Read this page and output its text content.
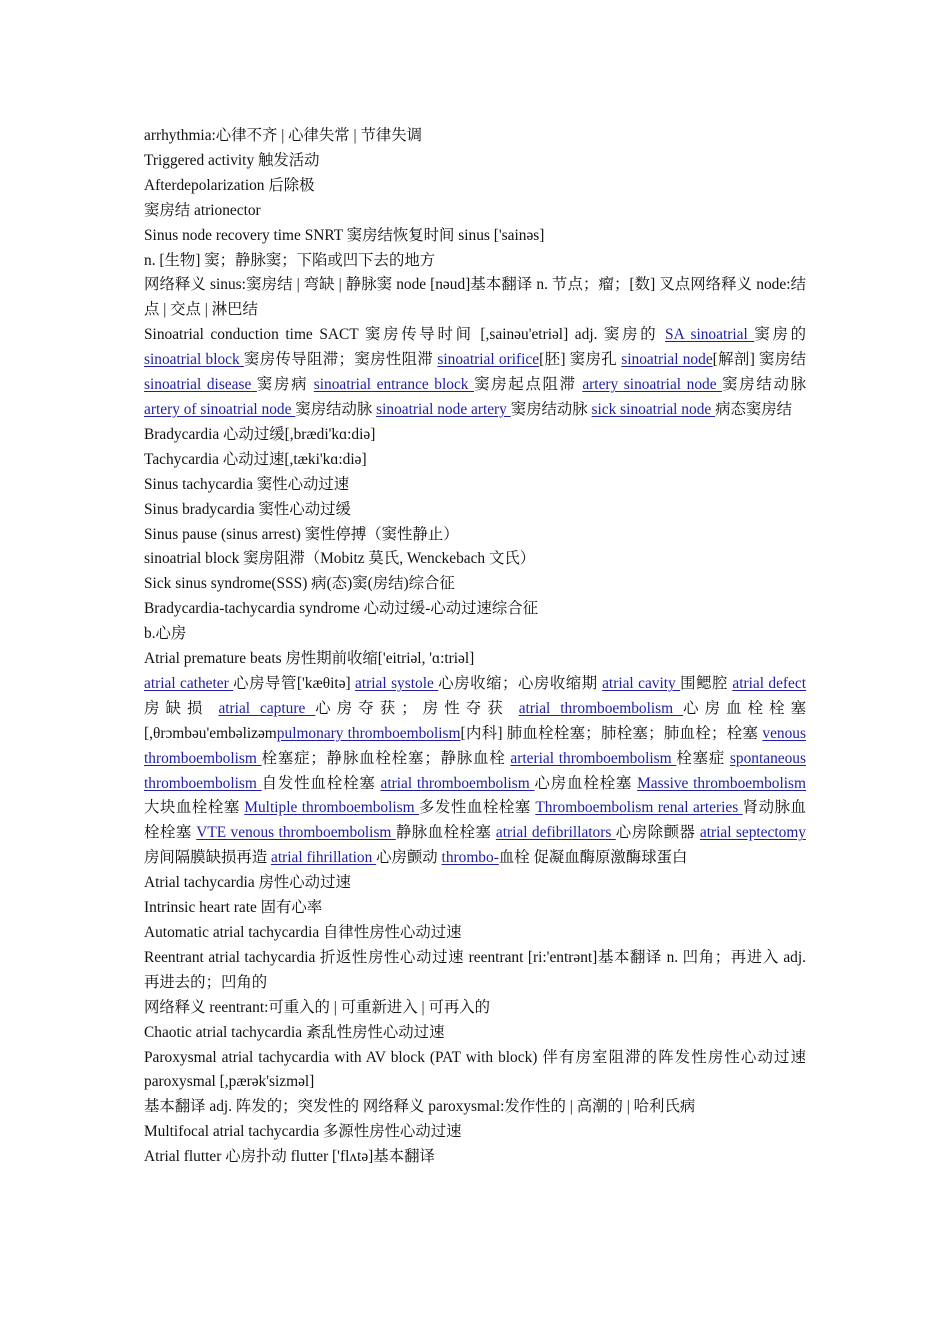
arrhythmia:心律不齐 | 心律失常 | 节律失调

Triggered activity 触发活动

Afterdepolarization 后除极

窦房结 atrionector

Sinus node recovery time SNRT 窦房结恢复时间 sinus ['sainəs]

n. [生物] 窦；静脉窦；下陷或凹下去的地方

网络释义 sinus:窦房结 | 弯缺 | 静脉窦 node [nəud]基本翻译 n. 节点；瘤；[数] 叉点网络释义 node:结点 | 交点 | 淋巴结

Sinoatrial conduction time SACT 窦房传导时间 [,sainəu'etriəl] adj. 窦房的 SA sinoatrial 窦房的 sinoatrial block 窦房传导阻滞；窦房性阻滞 sinoatrial orifice[胚] 窦房孔 sinoatrial node[解剖] 窦房结 sinoatrial disease 窦房病 sinoatrial entrance block 窦房起点阻滞 artery sinoatrial node 窦房结动脉 artery of sinoatrial node 窦房结动脉 sinoatrial node artery 窦房结动脉 sick sinoatrial node 病态窦房结

Bradycardia 心动过缓[,brædi'kɑ:diə]

Tachycardia 心动过速[,tæki'kɑ:diə]

Sinus tachycardia 窦性心动过速

Sinus bradycardia 窦性心动过缓

Sinus pause (sinus arrest) 窦性停搏（窦性静止）

sinoatrial block 窦房阻滞（Mobitz 莫氏, Wenckebach 文氏）

Sick sinus syndrome(SSS) 病(态)窦(房结)综合征

Bradycardia-tachycardia syndrome 心动过缓-心动过速综合征

b.心房

Atrial premature beats 房性期前收缩['eitriəl, 'ɑ:triəl]

atrial catheter 心房导管['kæθitə] atrial systole 心房收缩；心房收缩期 atrial cavity 围鳃腔 atrial defect 房缺损 atrial capture 心房夺获；房性夺获 atrial thromboembolism 心房血栓栓塞 [,θrɔmbəu'embəlizəmpulmonary thromboembolism[内科] 肺血栓栓塞；肺栓塞；肺血栓；栓塞 venous thromboembolism 栓塞症；静脉血栓栓塞；静脉血栓 arterial thromboembolism 栓塞症 spontaneous thromboembolism 自发性血栓栓塞 atrial thromboembolism 心房血栓栓塞 Massive thromboembolism 大块血栓栓塞 Multiple thromboembolism 多发性血栓栓塞 Thromboembolism renal arteries 肾动脉血栓栓塞 VTE venous thromboembolism 静脉血栓栓塞 atrial defibrillators 心房除颤器 atrial septectomy 房间隔膜缺损再造 atrial fihrillation 心房颤动 thrombo-血栓 促凝血酶原激酶球蛋白

Atrial tachycardia 房性心动过速

Intrinsic heart rate 固有心率

Automatic atrial tachycardia 自律性房性心动过速

Reentrant atrial tachycardia 折返性房性心动过速 reentrant [ri:'entrənt]基本翻译 n. 凹角；再进入 adj. 再进去的；凹角的

网络释义 reentrant:可重入的 | 可重新进入 | 可再入的

Chaotic atrial tachycardia 紊乱性房性心动过速

Paroxysmal atrial tachycardia with AV block (PAT with block) 伴有房室阻滞的阵发性房性心动过速 paroxysmal [,pærək'sizməl]

基本翻译 adj. 阵发的；突发性的 网络释义 paroxysmal:发作性的 | 高潮的 | 哈利氏病

Multifocal atrial tachycardia 多源性房性心动过速

Atrial flutter 心房扑动 flutter ['flʌtə]基本翻译
